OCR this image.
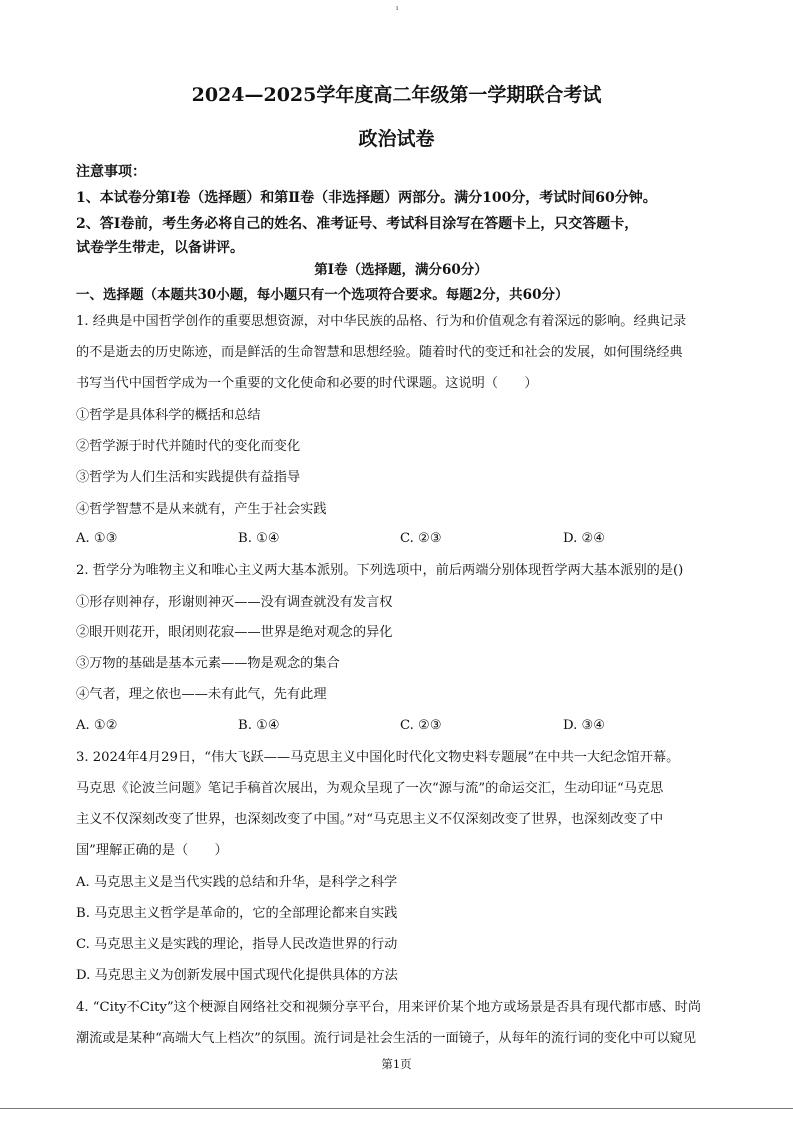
ı
2024—2025学年度高二年级第一学期联合考试
政治试卷
注意事项：
1、本试卷分第Ⅰ卷（选择题）和第Ⅱ卷（非选择题）两部分。满分100分，考试时间60分钟。
2、答Ⅰ卷前，考生务必将自己的姓名、准考证号、考试科目涂写在答题卡上，只交答题卡，
试卷学生带走，以备讲评。
第Ⅰ卷（选择题，满分60分）
一、选择题（本题共30小题，每小题只有一个选项符合要求。每题2分，共60分）
1. 经典是中国哲学创作的重要思想资源，对中华民族的品格、行为和价值观念有着深远的影响。经典记录
的不是逝去的历史陈迹，而是鲜活的生命智慧和思想经验。随着时代的变迁和社会的发展，如何围绕经典
书写当代中国哲学成为一个重要的文化使命和必要的时代课题。这说明（　　）
①哲学是具体科学的概括和总结
②哲学源于时代并随时代的变化而变化
③哲学为人们生活和实践提供有益指导
④哲学智慧不是从来就有，产生于社会实践
A. ①③	B. ①④	C. ②③	D. ②④
2. 哲学分为唯物主义和唯心主义两大基本派别。下列选项中，前后两端分别体现哲学两大基本派别的是()
①形存则神存，形谢则神灭——没有调查就没有发言权
②眼开则花开，眼闭则花寂——世界是绝对观念的异化
③万物的基础是基本元素——物是观念的集合
④气者，理之依也——未有此气，先有此理
A. ①②	B. ①④	C. ②③	D. ③④
3. 2024年4月29日，“伟大飞跃——马克思主义中国化时代化文物史料专题展”在中共一大纪念馆开幕。
马克思《论波兰问题》笔记手稿首次展出，为观众呈现了一次“源与流”的命运交汇，生动印证“马克思
主义不仅深刻改变了世界，也深刻改变了中国。”对“马克思主义不仅深刻改变了世界，也深刻改变了中
国”理解正确的是（　　）
A. 马克思主义是当代实践的总结和升华，是科学之科学
B. 马克思主义哲学是革命的，它的全部理论都来自实践
C. 马克思主义是实践的理论，指导人民改造世界的行动
D. 马克思主义为创新发展中国式现代化提供具体的方法
4. “City不City”这个梗源自网络社交和视频分享平台，用来评价某个地方或场景是否具有现代都市感、时尚
潮流或是某种“高端大气上档次”的氛围。流行词是社会生活的一面镜子，从每年的流行词的变化中可以窥见
第1页
